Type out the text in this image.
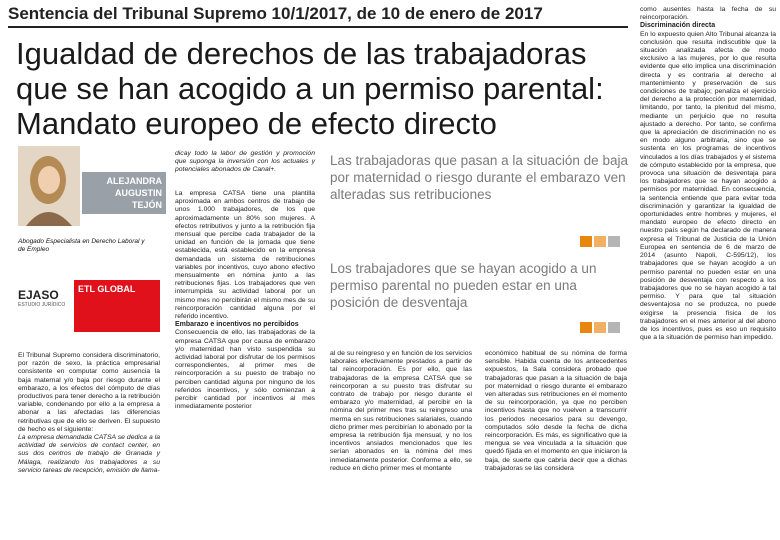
Sentencia del Tribunal Supremo 10/1/2017, de 10 de enero de 2017
Igualdad de derechos de las trabajadoras que se han acogido a un permiso parental: Mandato europeo de efecto directo
ALEJANDRA AUGUSTIN TEJÓN
Abogado Especialista en Derecho Laboral y de Empleo
EJASO
ESTUDIO JURÍDICO
ETL GLOBAL
El Tribunal Supremo considera discriminatorio, por razón de sexo, la práctica empresarial consistente en computar como ausencia la baja maternal y/o baja por riesgo durante el embarazo, a los efectos del cómputo de días productivos para tener derecho a la retribución variable, condenando por ello a la empresa a abonar a las afectadas las diferencias retributivas que de ello se deriven. El supuesto de hecho es el siguiente:
La empresa demandada CATSA se dedica a la actividad de servicios de contact center, en sus dos centros de trabajo de Granada y Málaga, realizando los trabajadores a su servicio tareas de recepción, emisión de llama-
dicay todo la labor de gestión y promoción que suponga la inversión con los actuales y potenciales abonados de Canal+.
La empresa CATSA tiene una plantilla aproximada en ambos centros de trabajo de unos 1.000 trabajadores, de los que aproximadamente un 80% son mujeres. A efectos retributivos y junto a la retribución fija mensual que percibe cada trabajador de la unidad en función de la jornada que tiene establecida, está establecido en la empresa demandada un sistema de retribuciones variables por incentivos, cuyo abono efectivo mensualmente en nómina junto a las retribuciones fijas. Los trabajadores que ven interrumpida su actividad laboral por un mismo mes no percibirán el mismo mes de su reincorporación cantidad alguna por el referido incentivo.
Embarazo e incentivos no percibidos
Consecuencia de ello, las trabajadoras de la empresa CATSA que por causa de embarazo y/o maternidad han visto suspendida su actividad laboral por disfrutar de los permisos correspondientes, al primer mes de reincorporación a su puesto de trabajo no perciben cantidad alguna por ninguno de los referidos incentivos, y sólo comienzan a percibir cantidad por incentivos al mes inmediatamente posterior
Las trabajadoras que pasan a la situación de baja por maternidad o riesgo durante el embarazo ven alteradas sus retribuciones
Los trabajadores que se hayan acogido a un permiso parental no pueden estar en una posición de desventaja
al de su reingreso y en función de los servicios laborales efectivamente prestados a partir de tal reincorporación. Es por ello, que las trabajadoras de la empresa CATSA que se reincorporan a su puesto tras disfrutar su contrato de trabajo por riesgo durante el embarazo y/o maternidad, al percibir en la nómina del primer mes tras su reingreso una merma en sus retribuciones salariales, cuando dicho primer mes percibirían lo abonado por la empresa la retribución fija mensual, y no los incentivos ansiados mencionados que les serían abonados en la nómina del mes inmediatamente posterior. Conforme a ello, se reduce en dicho primer mes el montante
económico habitual de su nómina de forma sensible. Habida cuenta de los antecedentes expuestos, la Sala considera probado que trabajadoras que pasan a la situación de baja por maternidad o riesgo durante el embarazo ven alteradas sus retribuciones en el momento de su reincorporación, ya que no perciben incentivos hasta que no vuelven a transcurrir los periodos necesarios para su devengo, computados sólo desde la fecha de dicha reincorporación. Es más, es significativo que la mengua se vea vinculada a la situación que quedó fijada en el momento en que iniciaron la baja, de suerte que cabría decir que a dichas trabajadoras se las considera
como ausentes hasta la fecha de su reincorporación.
Discriminación directa
En lo expuesto quien Alto Tribunal alcanza la conclusión que resulta indiscutible que la situación analizada afecta de modo exclusivo a las mujeres, por lo que resulta evidente que ello implica una discriminación directa y es contraria al derecho al mantenimiento y preservación de sus condiciones de trabajo; penaliza el ejercicio del derecho a la protección por maternidad, limitando, por tanto, la plenitud del mismo, mediante un perjuicio que no resulta ajustado a derecho. Por tanto, se confirma que la apreciación de discriminación no es en modo alguno arbitraria, sino que se sustenta en los programas de incentivos vinculados a los días trabajados y el sistema de cómputo establecido por la empresa, que provoca una situación de desventaja para los trabajadores que se hayan acogido a permisos por maternidad. En consecuencia, la sentencia entiende que para evitar toda discriminación y garantizar la igualdad de oportunidades entre hombres y mujeres, el mandato europeo de efecto directo en nuestro país según ha declarado de manera expresa el Tribunal de Justicia de la Unión Europea en sentencia de 6 de marzo de 2014 (asunto Napoli, C-595/12), los trabajadores que se hayan acogido a un permiso parental no pueden estar en una posición de desventaja con respecto a los trabajadores que no se hayan acogido a tal permiso. Y para que tal situación desventajosa no se produzca, no puede exigirse la presencia física de los trabajadores en el mes anterior al del abono de los incentivos, pues es eso un requisito que a la situación de permiso han impedido.
